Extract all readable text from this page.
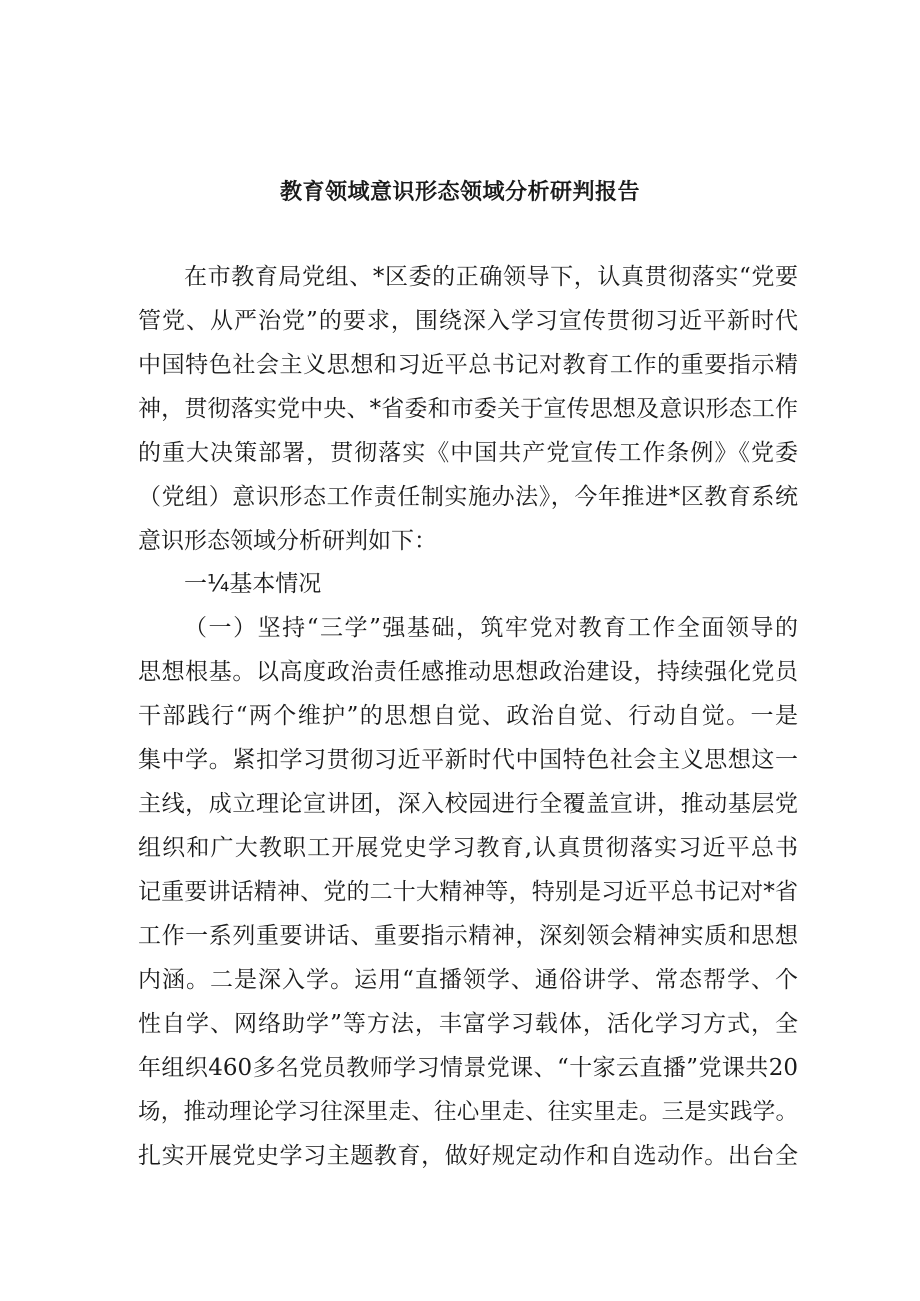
教育领域意识形态领域分析研判报告
在市教育局党组、*区委的正确领导下，认真贯彻落实“党要
管党、从严治党”的要求，围绕深入学习宣传贯彻习近平新时代
中国特色社会主义思想和习近平总书记对教育工作的重要指示精
神，贯彻落实党中央、*省委和市委关于宣传思想及意识形态工作
的重大决策部署，贯彻落实《中国共产党宣传工作条例》《党委
（党组）意识形态工作责任制实施办法》，今年推进*区教育系统
意识形态领域分析研判如下：
一¼基本情况
（一）坚持“三学”强基础，筑牢党对教育工作全面领导的
思想根基。以高度政治责任感推动思想政治建设，持续强化党员
干部践行“两个维护”的思想自觉、政治自觉、行动自觉。一是
集中学。紧扣学习贯彻习近平新时代中国特色社会主义思想这一
主线，成立理论宣讲团，深入校园进行全覆盖宣讲，推动基层党
组织和广大教职工开展党史学习教育,认真贯彻落实习近平总书
记重要讲话精神、党的二十大精神等，特别是习近平总书记对*省
工作一系列重要讲话、重要指示精神，深刻领会精神实质和思想
内涵。二是深入学。运用“直播领学、通俗讲学、常态帮学、个
性自学、网络助学”等方法，丰富学习载体，活化学习方式，全
年组织460多名党员教师学习情景党课、“十家云直播”党课共20
场，推动理论学习往深里走、往心里走、往实里走。三是实践学。
扎实开展党史学习主题教育，做好规定动作和自选动作。出台全
